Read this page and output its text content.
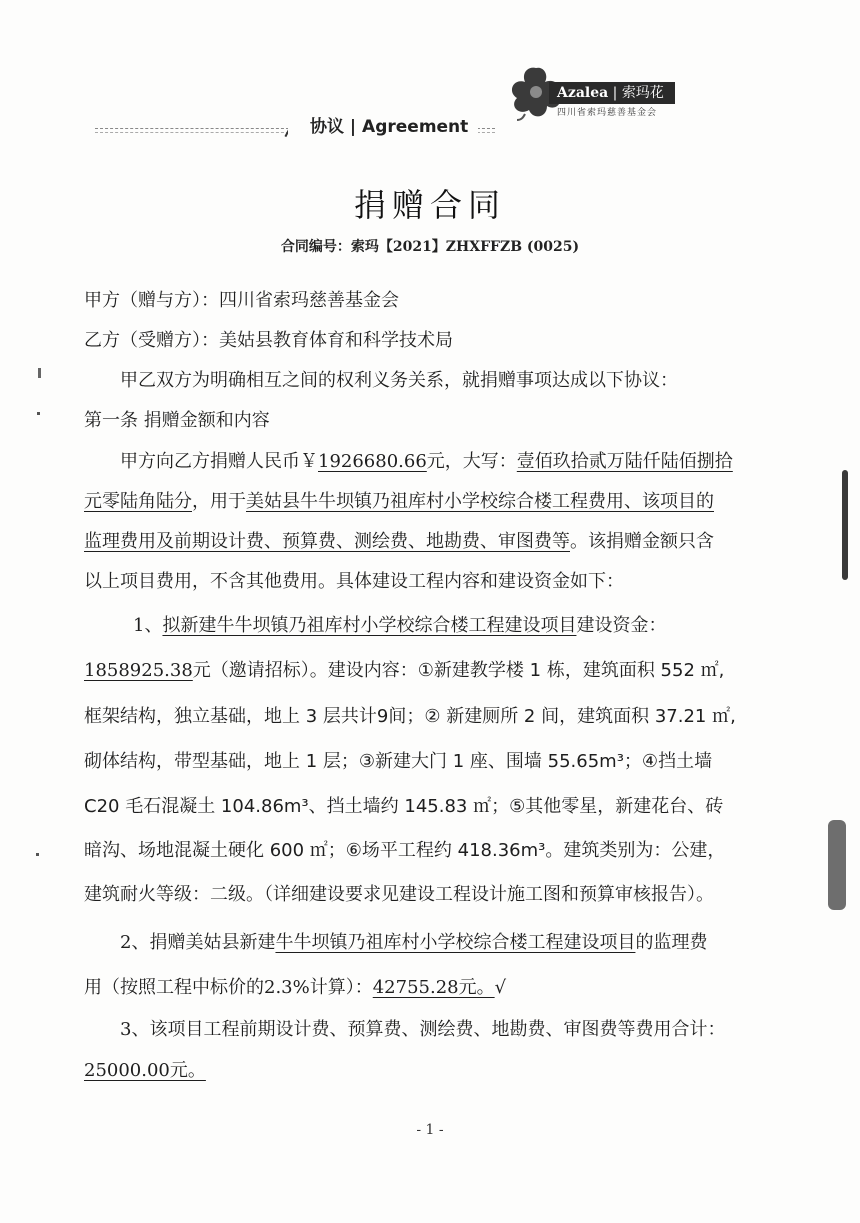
Azalea | 索玛花
四川省索玛慈善基金会
协议 | Agreement
捐赠合同
合同编号：索玛【2021】ZHXFFZB (0025)
甲方（赠与方）：四川省索玛慈善基金会
乙方（受赠方）：美姑县教育体育和科学技术局
甲乙双方为明确相互之间的权利义务关系，就捐赠事项达成以下协议：
第一条 捐赠金额和内容
甲方向乙方捐赠人民币￥1926680.66元，大写：壹佰玖拾贰万陆仟陆佰捌拾
元零陆角陆分，用于美姑县牛牛坝镇乃祖库村小学校综合楼工程费用、该项目的
监理费用及前期设计费、预算费、测绘费、地勘费、审图费等。该捐赠金额只含
以上项目费用，不含其他费用。具体建设工程内容和建设资金如下：
1、拟新建牛牛坝镇乃祖库村小学校综合楼工程建设项目建设资金：
1858925.38元（邀请招标）。建设内容：①新建教学楼 1 栋，建筑面积 552 ㎡,
框架结构，独立基础，地上 3 层共计9间；② 新建厕所 2 间，建筑面积 37.21 ㎡,
砌体结构，带型基础，地上 1 层；③新建大门 1 座、围墙 55.65m³；④挡土墙
C20 毛石混凝土 104.86m³、挡土墙约 145.83 ㎡；⑤其他零星，新建花台、砖
暗沟、场地混凝土硬化 600 ㎡；⑥场平工程约 418.36m³。建筑类别为：公建，
建筑耐火等级：二级。（详细建设要求见建设工程设计施工图和预算审核报告）。
2、捐赠美姑县新建牛牛坝镇乃祖库村小学校综合楼工程建设项目的监理费
用（按照工程中标价的2.3%计算）：42755.28元。√
3、该项目工程前期设计费、预算费、测绘费、地勘费、审图费等费用合计：
25000.00元。
- 1 -
